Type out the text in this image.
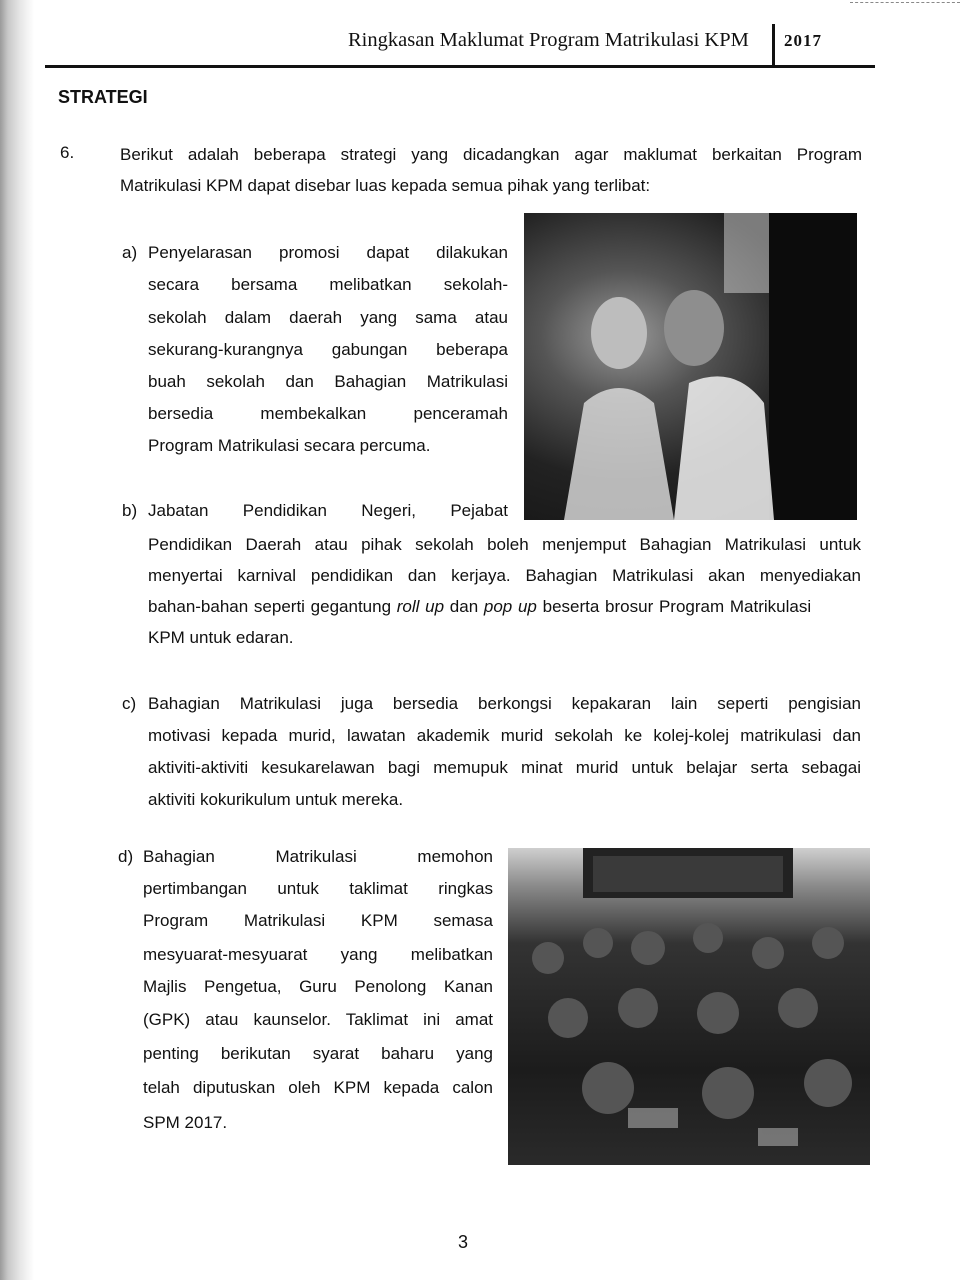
Ringkasan Maklumat Program Matrikulasi KPM 2017
STRATEGI
6.	Berikut adalah beberapa strategi yang dicadangkan agar maklumat berkaitan Program
Matrikulasi KPM dapat disebar luas kepada semua pihak yang terlibat:
a) Penyelarasan promosi dapat dilakukan
secara bersama melibatkan sekolah-
sekolah dalam daerah yang sama atau
sekurang-kurangnya gabungan beberapa
buah sekolah dan Bahagian Matrikulasi
bersedia membekalkan penceramah
Program Matrikulasi secara percuma.
b) Jabatan Pendidikan Negeri, Pejabat
Pendidikan Daerah atau pihak sekolah boleh menjemput Bahagian Matrikulasi untuk
menyertai karnival pendidikan dan kerjaya. Bahagian Matrikulasi akan menyediakan
bahan-bahan seperti gegantung roll up dan pop up beserta brosur Program Matrikulasi
KPM untuk edaran.
c) Bahagian Matrikulasi juga bersedia berkongsi kepakaran lain seperti pengisian
motivasi kepada murid, lawatan akademik murid sekolah ke kolej-kolej matrikulasi dan
aktiviti-aktiviti kesukarelawan bagi memupuk minat murid untuk belajar serta sebagai
aktiviti kokurikulum untuk mereka.
d) Bahagian Matrikulasi memohon
pertimbangan untuk taklimat ringkas
Program Matrikulasi KPM semasa
mesyuarat-mesyuarat yang melibatkan
Majlis Pengetua, Guru Penolong Kanan
(GPK) atau kaunselor. Taklimat ini amat
penting berikutan syarat baharu yang
telah diputuskan oleh KPM kepada calon
SPM 2017.
3
